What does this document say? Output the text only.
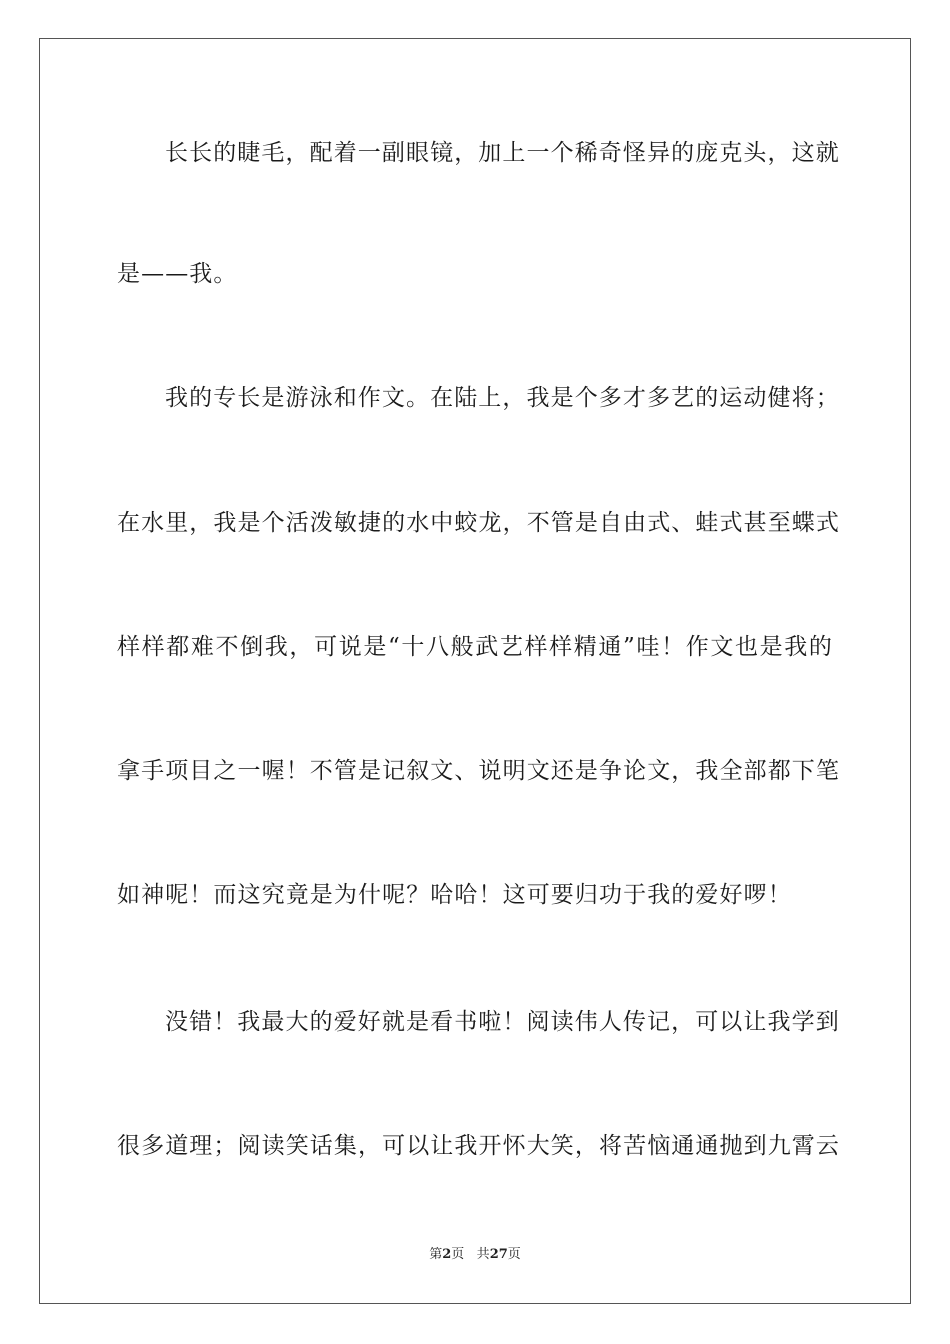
长长的睫毛，配着一副眼镜，加上一个稀奇怪异的庞克头，这就
是——我。
我的专长是游泳和作文。在陆上，我是个多才多艺的运动健将；
在水里，我是个活泼敏捷的水中蛟龙，不管是自由式、蛙式甚至蝶式
样样都难不倒我，可说是“十八般武艺样样精通”哇！作文也是我的
拿手项目之一喔！不管是记叙文、说明文还是争论文，我全部都下笔
如神呢！而这究竟是为什呢？哈哈！这可要归功于我的爱好啰！
没错！我最大的爱好就是看书啦！阅读伟人传记，可以让我学到
很多道理；阅读笑话集，可以让我开怀大笑，将苦恼通通抛到九霄云
第2页 共27页
